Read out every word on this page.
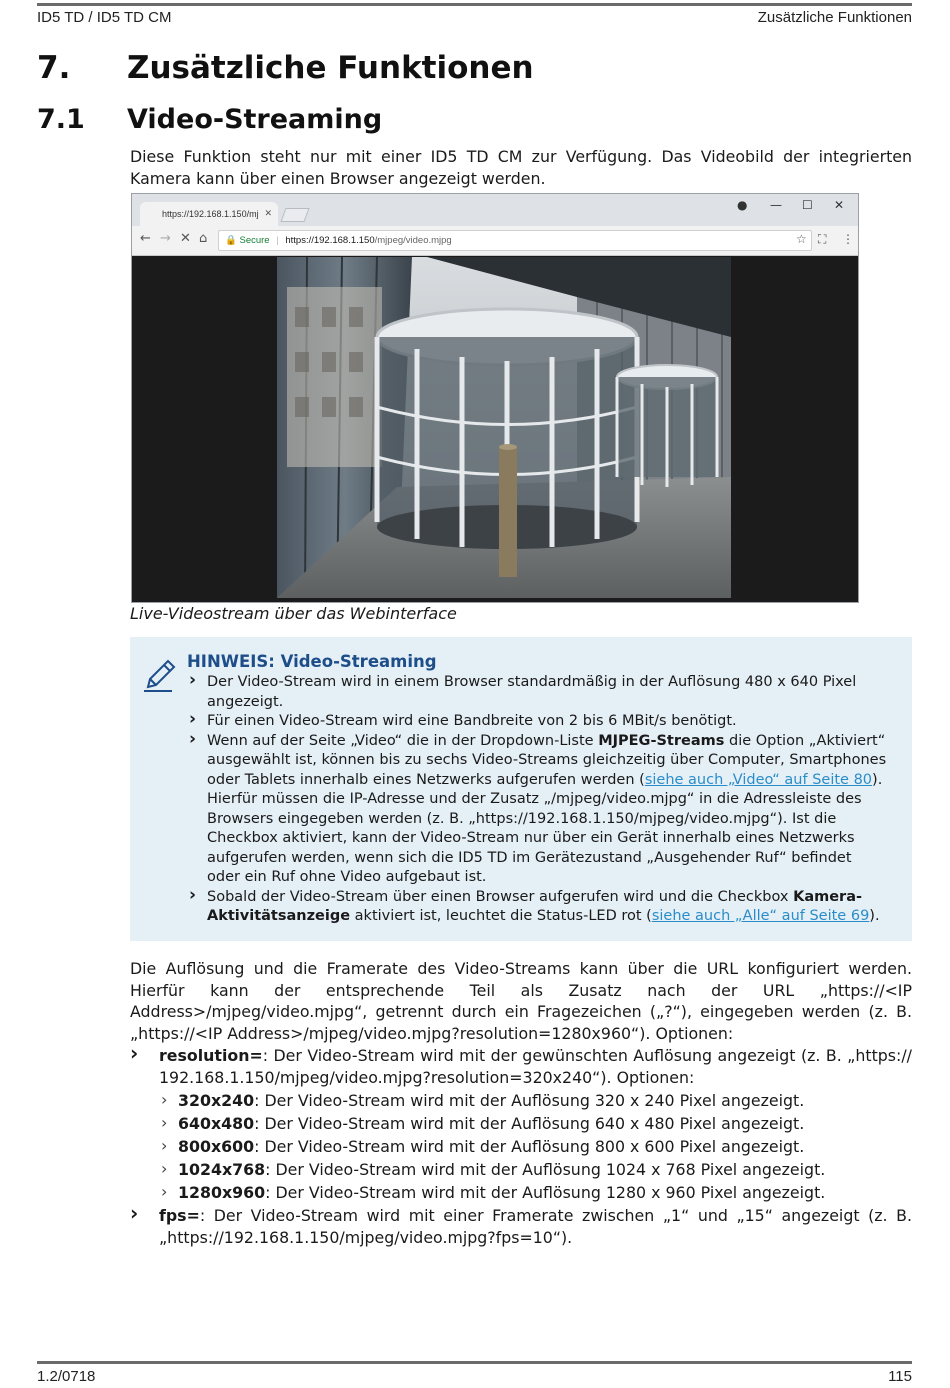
ID5 TD / ID5 TD CM	Zusätzliche Funktionen
7. Zusätzliche Funktionen
7.1 Video-Streaming

Diese Funktion steht nur mit einer ID5 TD CM zur Verfügung. Das Videobild der integrierten Kamera kann über einen Browser angezeigt werden.

https://192.168.1.150/mj ✕
● — ☐ ✕
← → ✕ ⌂	🔒 Secure | https://192.168.1.150/mjpeg/video.mjpg	☆ ⛶ ⋮
Live-Videostream über das Webinterface
HINWEIS: Video-Streaming
› Der Video-Stream wird in einem Browser standardmäßig in der Auflösung 480 x 640 Pixel angezeigt.
› Für einen Video-Stream wird eine Bandbreite von 2 bis 6 MBit/s benötigt.
› Wenn auf der Seite „Video“ die in der Dropdown-Liste MJPEG-Streams die Option „Aktiviert“ ausgewählt ist, können bis zu sechs Video-Streams gleichzeitig über Computer, Smartphones oder Tablets innerhalb eines Netzwerks aufgerufen werden (siehe auch „Video“ auf Seite 80). Hierfür müssen die IP-Adresse und der Zusatz „/mjpeg/video.mjpg“ in die Adressleiste des Browsers eingegeben werden (z. B. „https://192.168.1.150/mjpeg/video.mjpg“). Ist die Checkbox aktiviert, kann der Video-Stream nur über ein Gerät innerhalb eines Netzwerks aufgerufen werden, wenn sich die ID5 TD im Gerätezustand „Ausgehender Ruf“ befindet oder ein Ruf ohne Video aufgebaut ist.
› Sobald der Video-Stream über einen Browser aufgerufen wird und die Checkbox Kamera-Aktivitätsanzeige aktiviert ist, leuchtet die Status-LED rot (siehe auch „Alle“ auf Seite 69).

Die Auflösung und die Framerate des Video-Streams kann über die URL konfiguriert werden. Hierfür kann der entsprechende Teil als Zusatz nach der URL „https://<IP Address>/mjpeg/video.mjpg“, getrennt durch ein Fragezeichen („?“), eingegeben werden (z. B. „https://<IP Address>/mjpeg/video.mjpg?resolution=1280x960“). Optionen:

› resolution=: Der Video-Stream wird mit der gewünschten Auflösung angezeigt (z. B. „https:// 192.168.1.150/mjpeg/video.mjpg?resolution=320x240“). Optionen:
› 320x240: Der Video-Stream wird mit der Auflösung 320 x 240 Pixel angezeigt.
› 640x480: Der Video-Stream wird mit der Auflösung 640 x 480 Pixel angezeigt.
› 800x600: Der Video-Stream wird mit der Auflösung 800 x 600 Pixel angezeigt.
› 1024x768: Der Video-Stream wird mit der Auflösung 1024 x 768 Pixel angezeigt.
› 1280x960: Der Video-Stream wird mit der Auflösung 1280 x 960 Pixel angezeigt.
› fps=: Der Video-Stream wird mit einer Framerate zwischen „1“ und „15“ angezeigt (z. B. „https://192.168.1.150/mjpeg/video.mjpg?fps=10“).
1.2/0718	115
